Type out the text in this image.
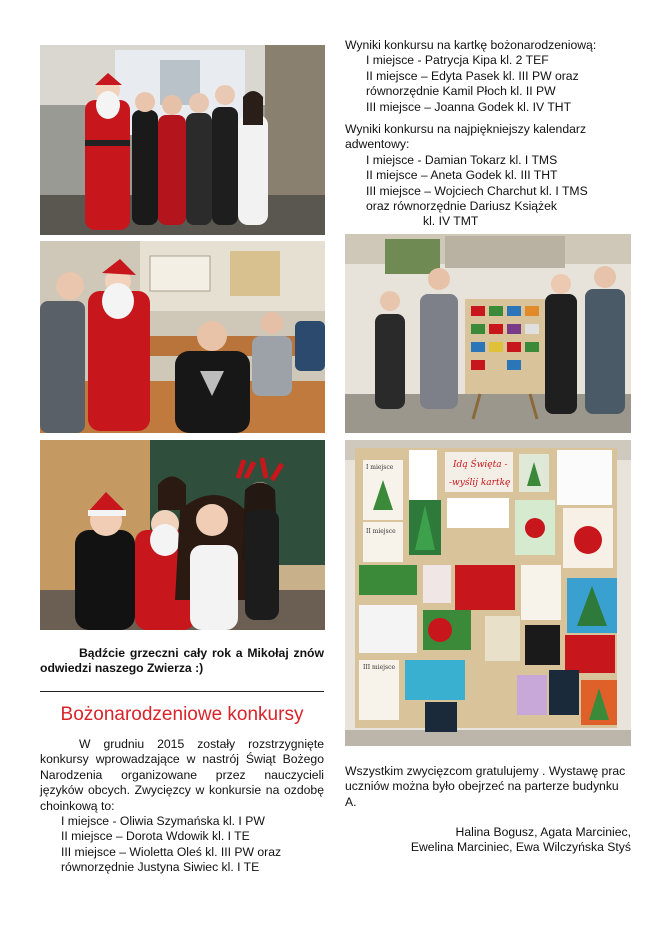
Idą Święta -
-wyślij kartkę
I miejsce
II miejsce
III miejsce
Wyniki konkursu na kartkę bożonarodzeniową:
I miejsce - Patrycja Kipa kl. 2 TEF
II miejsce – Edyta Pasek kl. III PW oraz
równorzędnie Kamil Płoch kl. II PW
III miejsce – Joanna Godek kl. IV THT
Wyniki konkursu na najpiękniejszy kalendarz
adwentowy:
I miejsce - Damian Tokarz kl. I TMS
II miejsce – Aneta Godek kl. III THT
III miejsce – Wojciech Charchut kl. I TMS
oraz równorzędnie Dariusz Książek
kl. IV TMT
Bądźcie grzeczni cały rok a Mikołaj znów odwiedzi naszego Zwierza :)
Bożonarodzeniowe konkursy
W grudniu 2015 zostały rozstrzygnięte konkursy wprowadzające w nastrój Świąt Bożego Narodzenia organizowane przez nauczycieli języków obcych. Zwycięzcy w konkursie na ozdobę choinkową to:
I miejsce - Oliwia Szymańska kl. I PW
II miejsce – Dorota Wdowik kl. I TE
III miejsce – Wioletta Oleś kl. III PW oraz
równorzędnie Justyna Siwiec kl. I TE
Wszystkim zwycięzcom gratulujemy . Wystawę prac uczniów można było obejrzeć na parterze budynku A.
Halina Bogusz, Agata Marciniec,
Ewelina Marciniec, Ewa Wilczyńska Styś
